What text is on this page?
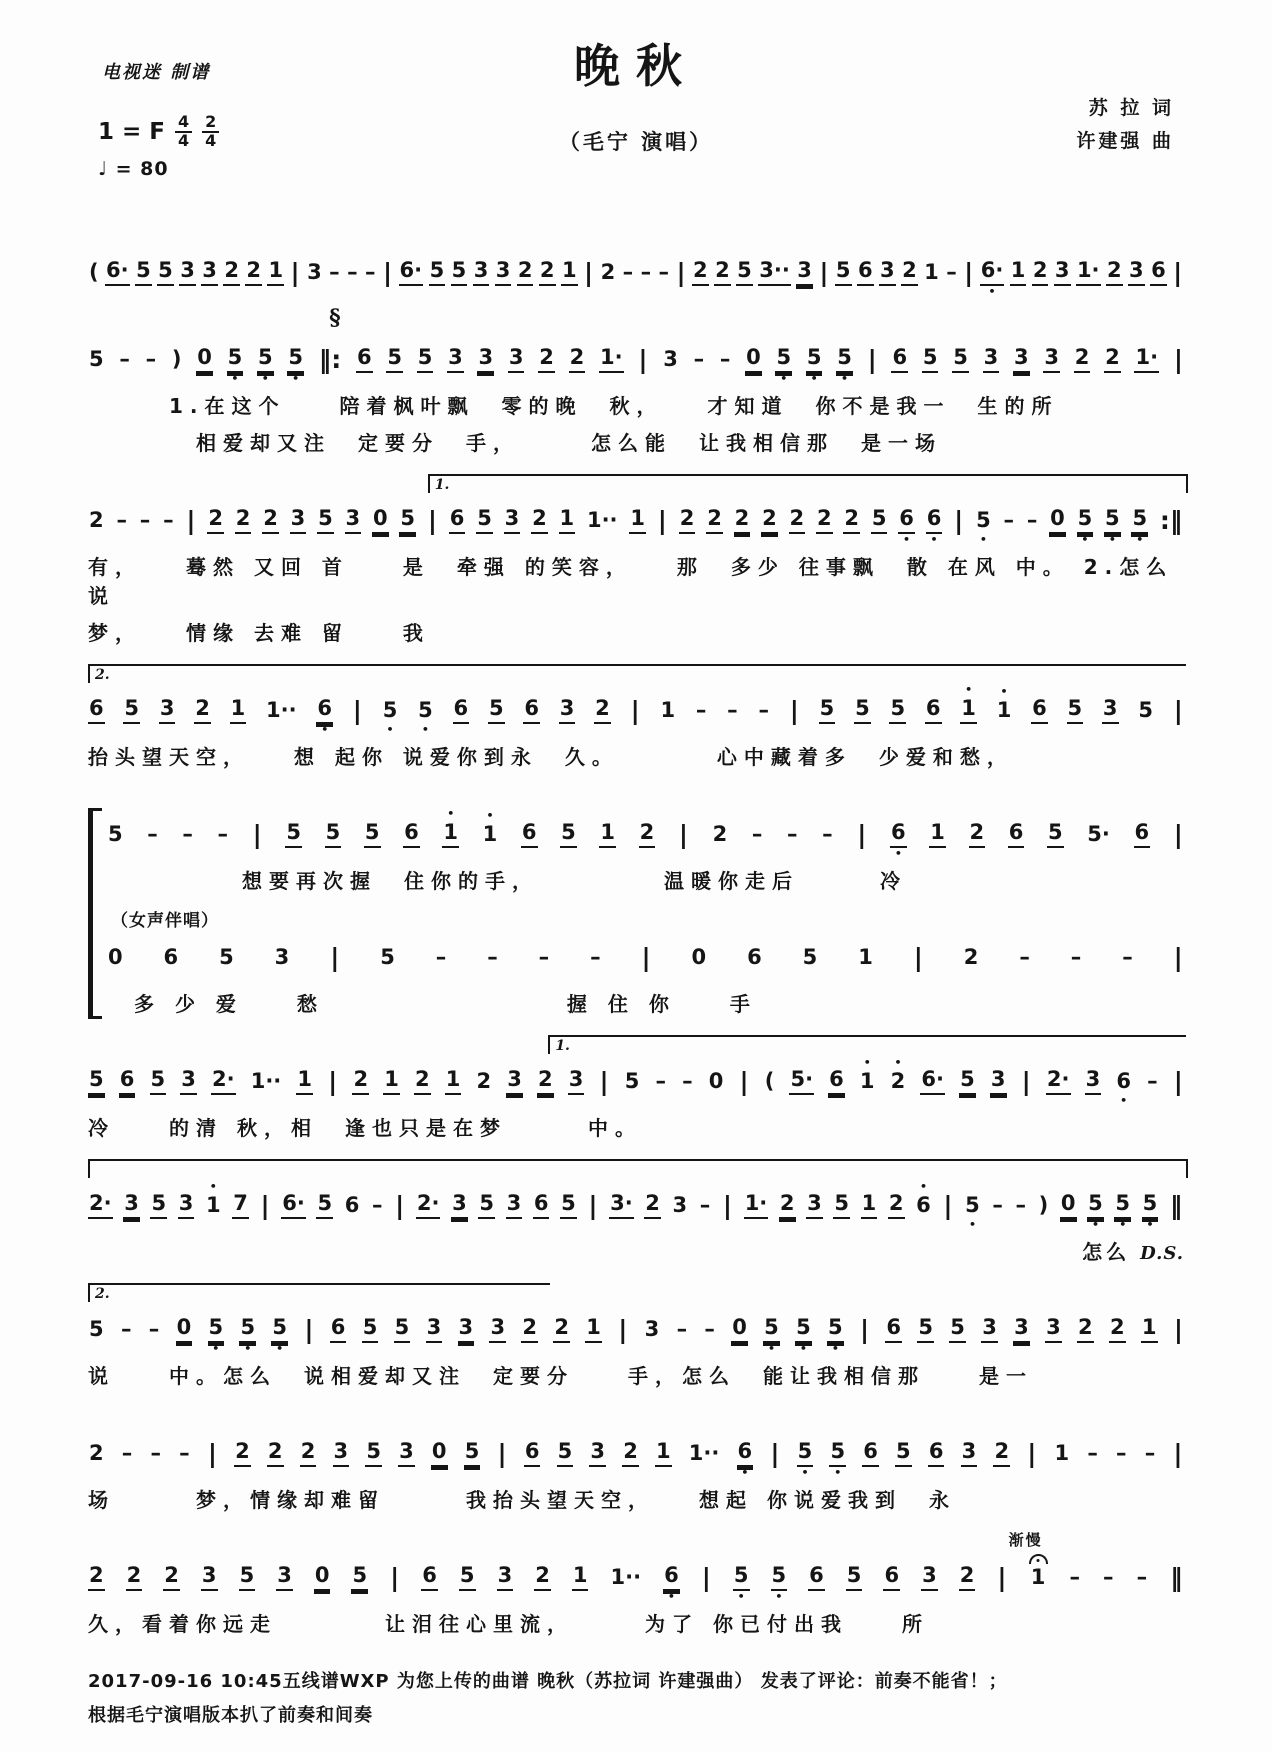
电视迷 制谱	晚秋
苏 拉 词
许建强 曲
1 = F $\frac{4}{4} \frac{2}{4}$	（毛宁 演唱）
♩ = 80
( 6· 5 5 3 3 2 2 1 | 3 – – – | 6· 5 5 3 3 2 2 1 | 2 – – – | 2 2 5 3·· 3 | 5 6 3 2 1 – | 6·
•
1 2 3 1· 2 3 6 |
§
5 – – ) 0 5
•
5
•
5
•
‖: 6 5 5 3 3 3 2 2 1· | 3 – – 0 5
•
5
•
5
•
| 6 5 5 3 3 3 2 2 1· |
　　　1.在这个　　陪着枫叶飘　零的晚　秋，　　才知道　你不是我一　生的所
　　　　相爱却又注　定要分　手，　　　怎么能　让我相信那　是一场
1.
2 – – – | 2 2 2 3 5 3 0 5 | 6 5 3 2 1 1·· 1 | 2 2 2 2 2 2 2 5 6
•
6
•
| 5
•
– – 0 5
•
5
•
5
•
:‖
有，　　蓦然 又回 首　　是　牵强 的笑容，　　那　多少 往事飘　散 在风 中。 2.怎么说
梦，　　情缘 去难 留　　我
2.
6 5 3 2 1 1·· 6
•
| 5
•
5
•
6 5 6 3 2 | 1 – – – | 5 5 5 6
•
1
•
1 6 5 3 5 |
抬头望天空，　　想 起你 说爱你到永　久。　　　　心中藏着多　少爱和愁，
5 – – – | 5 5 5 6
•
1
•
1 6 5 1 2 | 2 – – – | 6
•
1 2 6 5 5· 6 |
　　　　　想要再次握　住你的手，　　　　　温暖你走后　　　冷
（女声伴唱）
0 6 5 3 | 5 – – – – | 0 6 5 1 | 2 – – – |
　多 少 爱　　愁　　　　　　　　　握 住 你　　手
1.
5 6 5 3 2· 1·· 1 | 2 1 2 1 2 3 2 3 | 5 – – 0 | ( 5· 6
•
1
•
2 6· 5 3 | 2· 3 6
•
– |
冷　　的清 秋，相　逢也只是在梦　　　中。
2· 3 5 3
•
1 7 | 6· 5 6 – | 2· 3 5 3 6 5 | 3· 2 3 – | 1· 2 3 5 1 2
•
6 | 5
•
– – ) 0 5
•
5
•
5
•
‖
怎么 D.S.
2.
5 – – 0 5
•
5
•
5
•
| 6 5 5 3 3 3 2 2 1 | 3 – – 0 5
•
5
•
5
•
| 6 5 5 3 3 3 2 2 1 |
说　　中。怎么　说相爱却又注　定要分　　手，怎么　能让我相信那　　是一
2 – – – | 2 2 2 3 5 3 0 5 | 6 5 3 2 1 1·· 6
•
| 5
•
5
•
6 5 6 3 2 | 1 – – – |
场　　　梦，情缘却难留　　　我抬头望天空，　　想起 你说爱我到　永
渐慢
2 2 2 3 5 3 0 5 | 6 5 3 2 1 1·· 6
•
| 5
•
5
•
6 5 6 3 2 | 1 – – – ‖
久，看着你远走　　　　让泪往心里流，　　　为了 你已付出我　　所
2017-09-16 10:45五线谱WXP 为您上传的曲谱 晚秋（苏拉词 许建强曲） 发表了评论：前奏不能省！；
根据毛宁演唱版本扒了前奏和间奏
